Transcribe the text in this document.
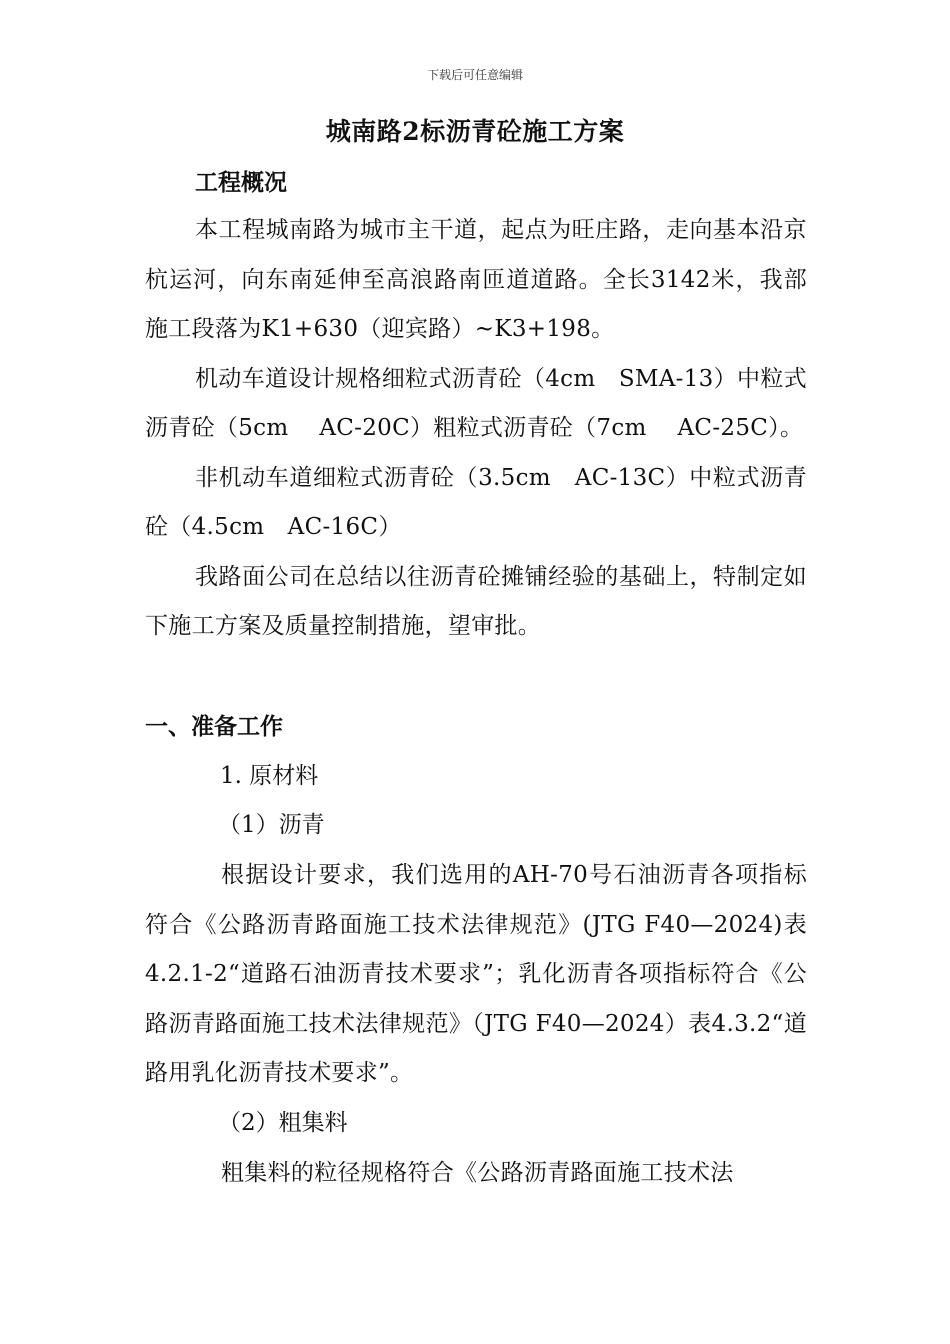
下载后可任意编辑
城南路2标沥青砼施工方案
工程概况

本工程城南路为城市主干道，起点为旺庄路，走向基本沿京杭运河，向东南延伸至高浪路南匝道道路。全长3142米，我部施工段落为K1+630（迎宾路）~K3+198。

机动车道设计规格细粒式沥青砼（4cm　SMA-13）中粒式沥青砼（5cm　 AC-20C）粗粒式沥青砼（7cm　 AC-25C）。

非机动车道细粒式沥青砼（3.5cm　AC-13C）中粒式沥青砼（4.5cm　AC-16C）

我路面公司在总结以往沥青砼摊铺经验的基础上，特制定如下施工方案及质量控制措施，望审批。

一、准备工作
1. 原材料
（1）沥青

根据设计要求，我们选用的AH-70号石油沥青各项指标符合《公路沥青路面施工技术法律规范》(JTG F40—2024)表4.2.1-2“道路石油沥青技术要求”；乳化沥青各项指标符合《公路沥青路面施工技术法律规范》（JTG F40—2024）表4.3.2“道路用乳化沥青技术要求”。

（2）粗集料

粗集料的粒径规格符合《公路沥青路面施工技术法
